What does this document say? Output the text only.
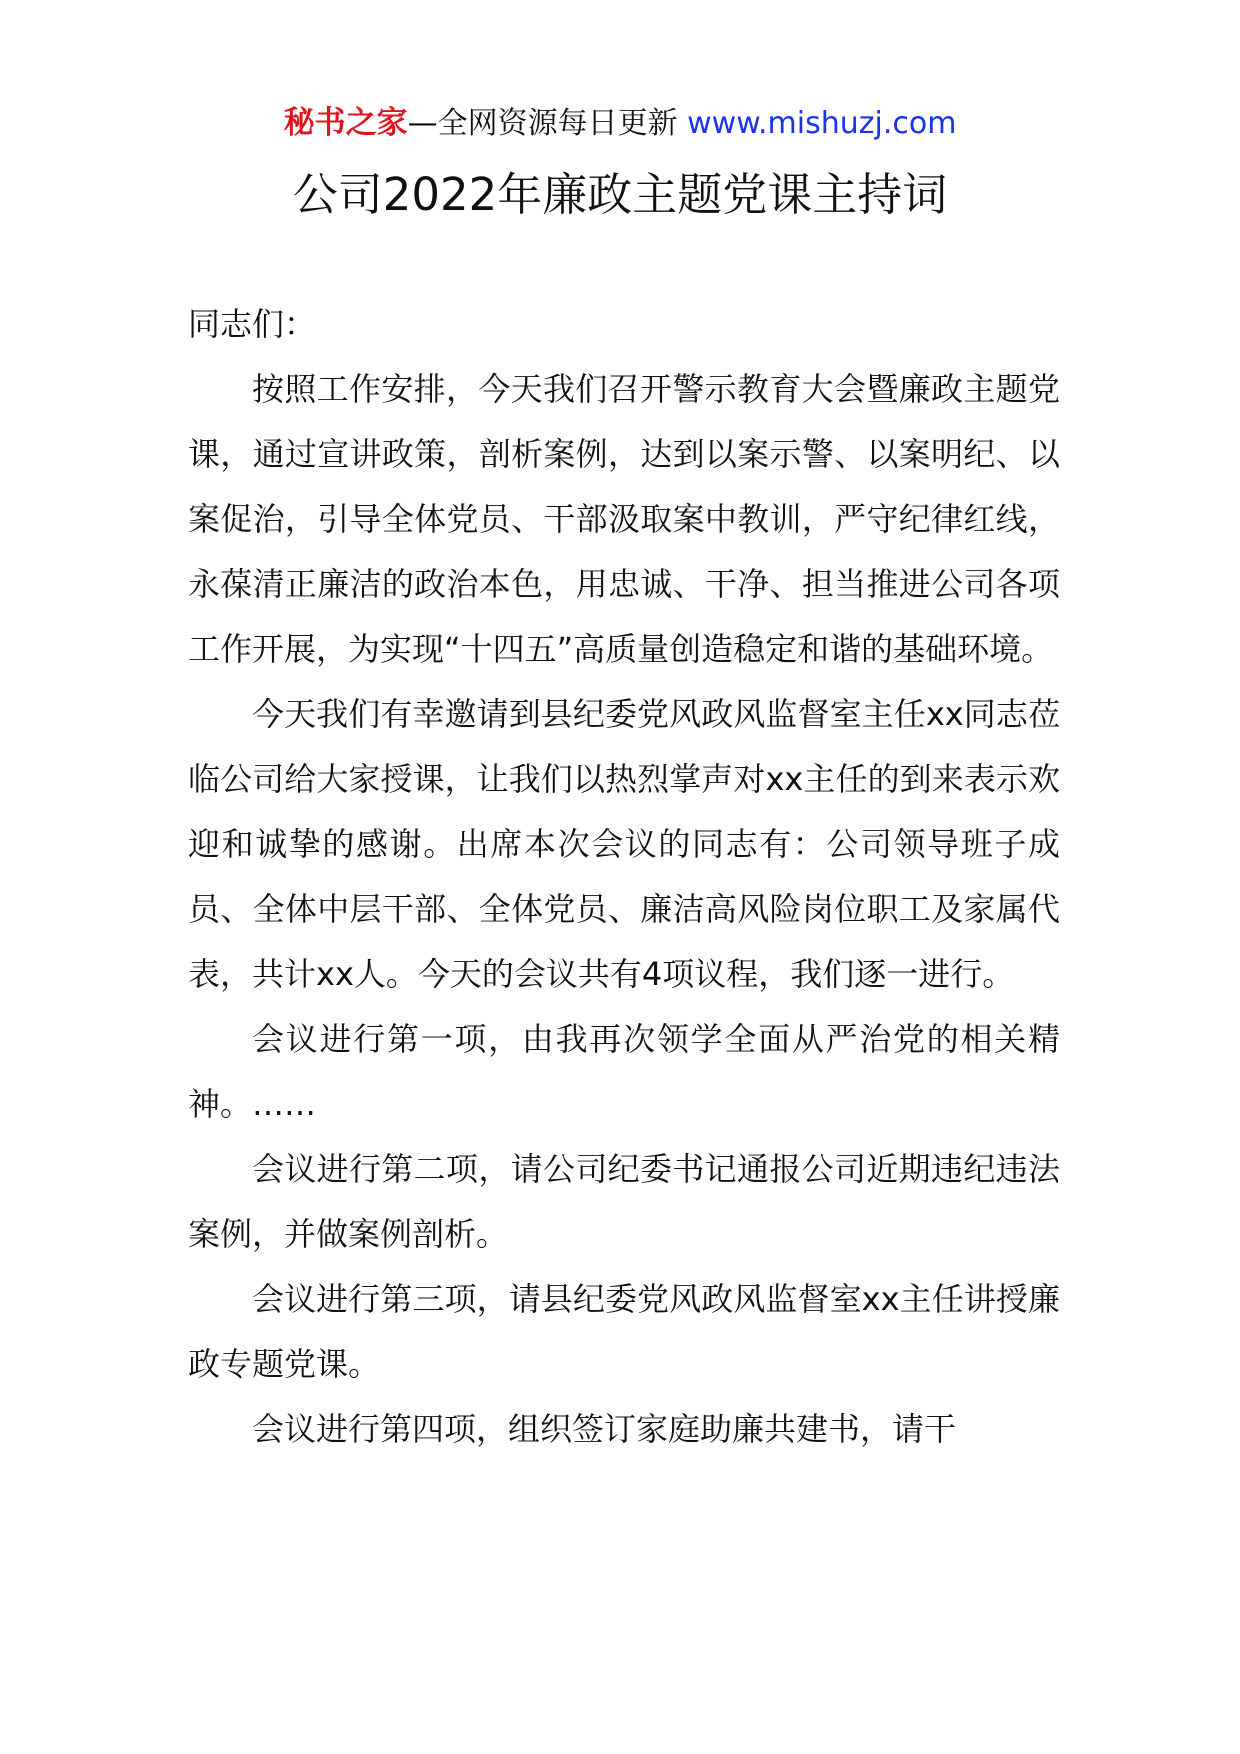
秘书之家—全网资源每日更新 www.mishuzj.com
公司2022年廉政主题党课主持词

同志们：

按照工作安排，今天我们召开警示教育大会暨廉政主题党课，通过宣讲政策，剖析案例，达到以案示警、以案明纪、以案促治，引导全体党员、干部汲取案中教训，严守纪律红线，永葆清正廉洁的政治本色，用忠诚、干净、担当推进公司各项工作开展，为实现“十四五”高质量创造稳定和谐的基础环境。

今天我们有幸邀请到县纪委党风政风监督室主任xx同志莅临公司给大家授课，让我们以热烈掌声对xx主任的到来表示欢迎和诚挚的感谢。出席本次会议的同志有：公司领导班子成员、全体中层干部、全体党员、廉洁高风险岗位职工及家属代表，共计xx人。今天的会议共有4项议程，我们逐一进行。

会议进行第一项，由我再次领学全面从严治党的相关精神。……

会议进行第二项，请公司纪委书记通报公司近期违纪违法案例，并做案例剖析。

会议进行第三项，请县纪委党风政风监督室xx主任讲授廉政专题党课。

会议进行第四项，组织签订家庭助廉共建书，请干
